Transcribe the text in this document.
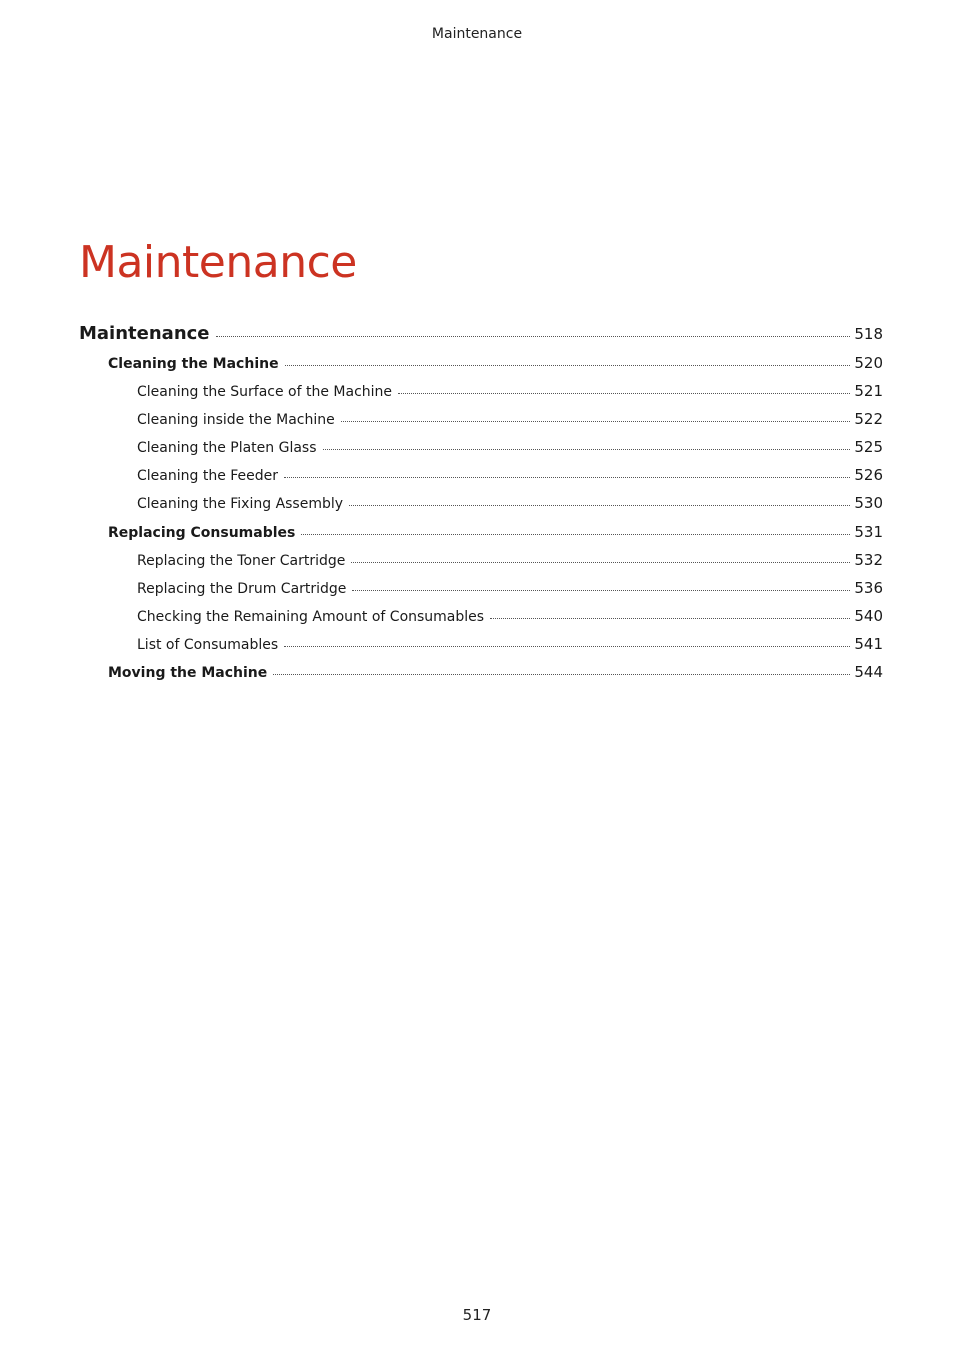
Maintenance
Maintenance
Maintenance	518
Cleaning the Machine	520
Cleaning the Surface of the Machine	521
Cleaning inside the Machine	522
Cleaning the Platen Glass	525
Cleaning the Feeder	526
Cleaning the Fixing Assembly	530
Replacing Consumables	531
Replacing the Toner Cartridge	532
Replacing the Drum Cartridge	536
Checking the Remaining Amount of Consumables	540
List of Consumables	541
Moving the Machine	544
517
